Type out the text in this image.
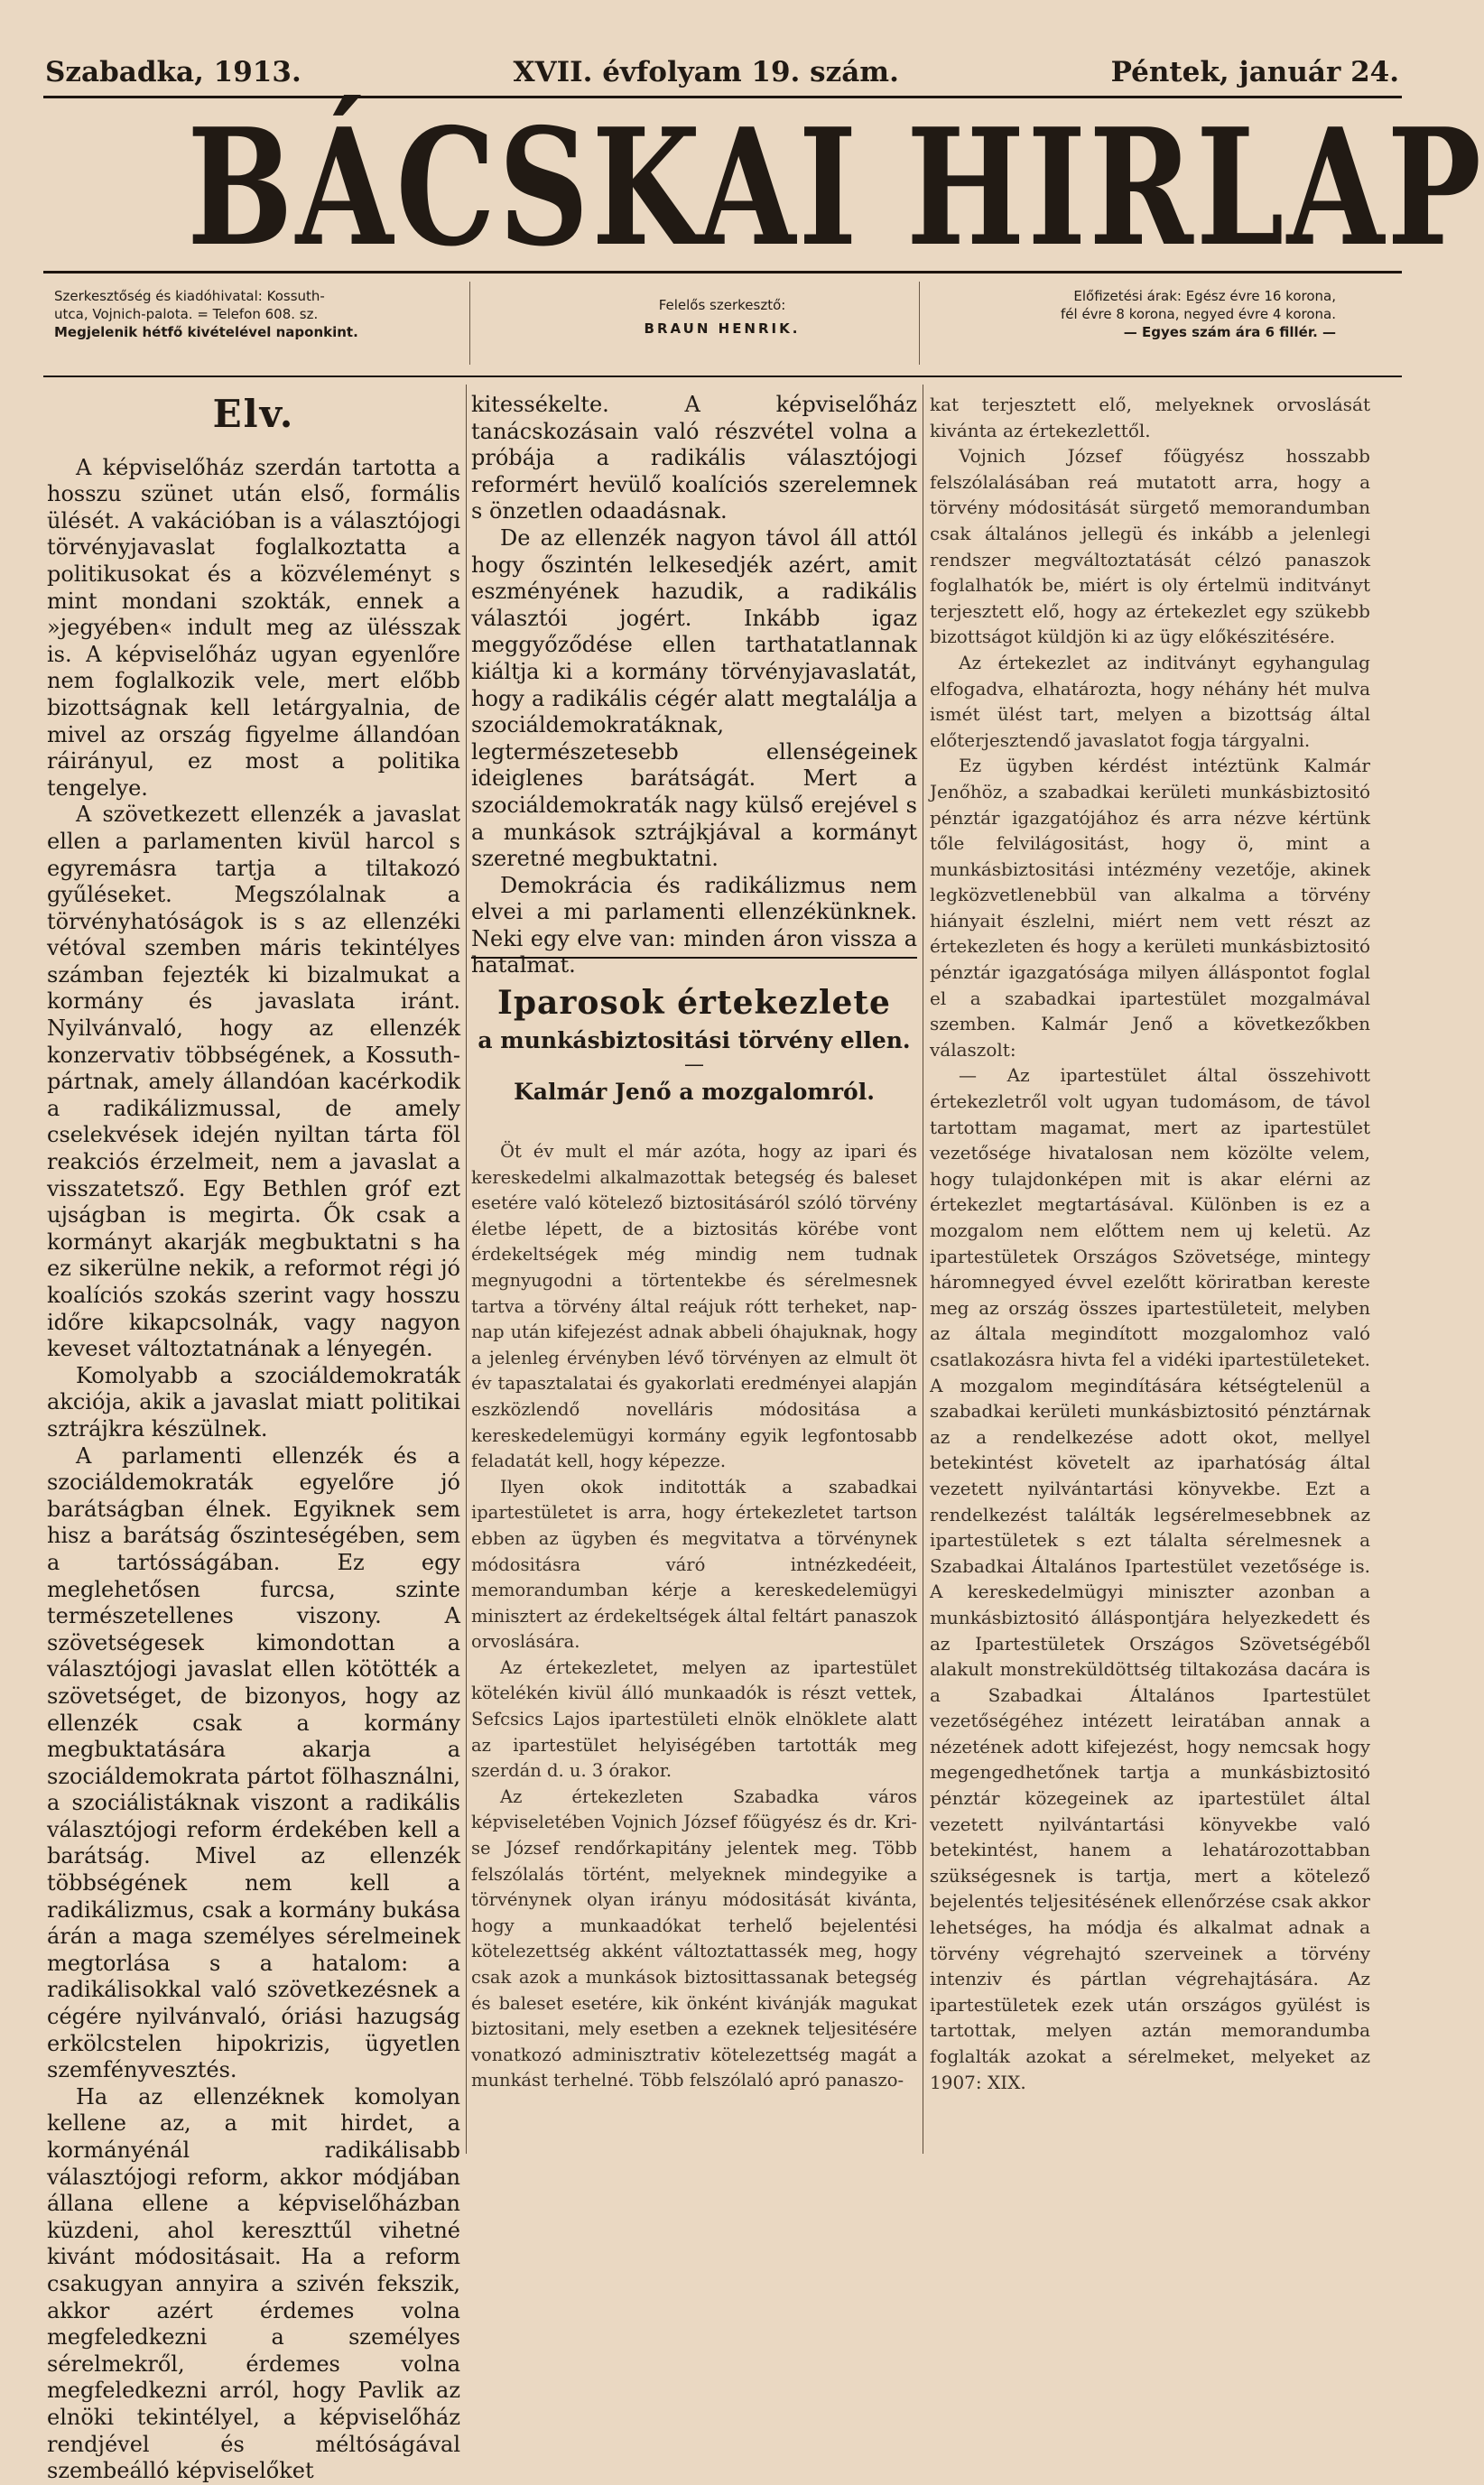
Szabadka, 1913.	XVII. évfolyam 19. szám.	Péntek, január 24.
BÁCSKAI HIRLAP
Szerkesztőség és kiadóhivatal: Kossuth-
utca, Vojnich-palota. = Telefon 608. sz.
Megjelenik hétfő kivételével naponkint.
Felelős szerkesztő:
BRAUN HENRIK.
Előfizetési árak: Egész évre 16 korona,
fél évre 8 korona, negyed évre 4 korona.
— Egyes szám ára 6 fillér. —
Elv.

A képviselőház szerdán tartotta a hosszu szünet után első, formális ülését. A vakációban is a választójogi törvényjavaslat foglalkoztatta a politikusokat és a közvéleményt s mint mondani szokták, ennek a »jegyében« indult meg az ülésszak is. A képviselőház ugyan egyenlőre nem foglalkozik vele, mert előbb bizottságnak kell letárgyalnia, de mivel az ország figyelme állandóan ráirányul, ez most a politika tengelye.

A szövetkezett ellenzék a javaslat ellen a parlamenten kivül harcol s egyremásra tartja a tiltakozó gyűléseket. Megszólalnak a törvényhatóságok is s az ellenzéki vétóval szemben máris tekintélyes számban fejezték ki bizalmukat a kormány és javaslata iránt. Nyilvánvaló, hogy az ellenzék konzervativ többségének, a Kossuth-pártnak, amely állandóan kacérkodik a radikálizmussal, de amely cselekvések idején nyiltan tárta föl reakciós érzelmeit, nem a javaslat a visszatetsző. Egy Bethlen gróf ezt ujságban is megirta. Ők csak a kormányt akarják megbuktatni s ha ez sikerülne nekik, a reformot régi jó koalíciós szokás szerint vagy hosszu időre kikapcsolnák, vagy nagyon keveset változtatnának a lényegén.

Komolyabb a szociáldemokraták akciója, akik a javaslat miatt politikai sztrájkra készülnek.

A parlamenti ellenzék és a szociáldemokraták egyelőre jó barátságban élnek. Egyiknek sem hisz a barátság őszinteségében, sem a tartósságában. Ez egy meglehetősen furcsa, szinte természetellenes viszony. A szövetségesek kimondottan a választójogi javaslat ellen kötötték a szövetséget, de bizonyos, hogy az ellenzék csak a kormány megbuktatására akarja a szociáldemokrata pártot fölhasználni, a szociálistáknak viszont a radikális választójogi reform érdekében kell a barátság. Mivel az ellenzék többségének nem kell a radikálizmus, csak a kormány bukása árán a maga személyes sérelmeinek megtorlása s a hatalom: a radikálisokkal való szövetkezésnek a cégére nyilvánvaló, óriási hazugság erkölcstelen hipokrizis, ügyetlen szemfényvesztés.

Ha az ellenzéknek komolyan kellene az, a mit hirdet, a kormányénál radikálisabb választójogi reform, akkor módjában állana ellene a képviselőházban küzdeni, ahol kereszttűl vihetné kivánt módositásait. Ha a reform csakugyan annyira a szivén fekszik, akkor azért érdemes volna megfeledkezni a személyes sérelmekről, érdemes volna megfeledkezni arról, hogy Pavlik az elnöki tekintélyel, a képviselőház rendjével és méltóságával szembeálló képviselőket

kitessékelte. A képviselőház tanácskozásain való részvétel volna a próbája a radikális választójogi reformért hevülő koalíciós szerelemnek s önzetlen odaadásnak.

De az ellenzék nagyon távol áll attól hogy őszintén lelkesedjék azért, amit eszményének hazudik, a radikális választói jogért. Inkább igaz meggyőződése ellen tarthatatlannak kiáltja ki a kormány törvényjavaslatát, hogy a radikális cégér alatt megtalálja a szociáldemokratáknak, legtermészetesebb ellenségeinek ideiglenes barátságát. Mert a szociáldemokraták nagy külső erejével s a munkások sztrájkjával a kormányt szeretné megbuktatni.

Demokrácia és radikálizmus nem elvei a mi parlamenti ellenzékünknek. Neki egy elve van: minden áron vissza a hatalmat.

Iparosok értekezlete
a munkásbiztositási törvény ellen.
—
Kalmár Jenő a mozgalomról.

Öt év mult el már azóta, hogy az ipari és kereskedelmi alkalmazottak betegség és baleset esetére való kötelező biztositásáról szóló törvény életbe lépett, de a biztositás körébe vont érdekeltségek még mindig nem tudnak megnyugodni a törtentekbe és sérelmesnek tartva a törvény által reájuk rótt terheket, nap-nap után kifejezést adnak abbeli óhajuknak, hogy a jelenleg érvényben lévő törvényen az elmult öt év tapasztalatai és gyakorlati eredményei alapján eszközlendő novelláris módositása a kereskedelemügyi kormány egyik legfontosabb feladatát kell, hogy képezze.

Ilyen okok inditották a szabadkai ipartestületet is arra, hogy értekezletet tartson ebben az ügyben és megvitatva a törvénynek módositásra váró intnézkedéeit, memorandumban kérje a kereskedelemügyi minisztert az érdekeltségek által feltárt panaszok orvoslására.

Az értekezletet, melyen az ipartestület kötelékén kivül álló munkaadók is részt vettek, Sefcsics Lajos ipartestületi elnök elnöklete alatt az ipartestület helyiségében tartották meg szerdán d. u. 3 órakor.

Az értekezleten Szabadka város képviseletében Vojnich József főügyész és dr. Kri-se József rendőrkapitány jelentek meg. Több felszólalás történt, melyeknek mindegyike a törvénynek olyan irányu módositását kivánta, hogy a munkaadókat terhelő bejelentési kötelezettség akként változtattassék meg, hogy csak azok a munkások biztosittassanak betegség és baleset esetére, kik önként kivánják magukat biztositani, mely esetben a ezeknek teljesitésére vonatkozó adminisztrativ kötelezettség magát a munkást terhelné. Több felszólaló apró panaszo-

kat terjesztett elő, melyeknek orvoslását kivánta az értekezlettől.

Vojnich József főügyész hosszabb felszólalásában reá mutatott arra, hogy a törvény módositását sürgető memorandumban csak általános jellegü és inkább a jelenlegi rendszer megváltoztatását célzó panaszok foglalhatók be, miért is oly értelmü inditványt terjesztett elő, hogy az értekezlet egy szükebb bizottságot küldjön ki az ügy előkészitésére.

Az értekezlet az inditványt egyhangulag elfogadva, elhatározta, hogy néhány hét mulva ismét ülést tart, melyen a bizottság által előterjesztendő javaslatot fogja tárgyalni.

Ez ügyben kérdést intéztünk Kalmár Jenőhöz, a szabadkai kerületi munkásbiztositó pénztár igazgatójához és arra nézve kértünk tőle felvilágositást, hogy ö, mint a munkásbiztositási intézmény vezetője, akinek legközvetlenebbül van alkalma a törvény hiányait észlelni, miért nem vett részt az értekezleten és hogy a kerületi munkásbiztositó pénztár igazgatósága milyen álláspontot foglal el a szabadkai ipartestület mozgalmával szemben. Kalmár Jenő a következőkben válaszolt:

— Az ipartestület által összehivott értekezletről volt ugyan tudomásom, de távol tartottam magamat, mert az ipartestület vezetősége hivatalosan nem közölte velem, hogy tulajdonképen mit is akar elérni az értekezlet megtartásával. Különben is ez a mozgalom nem előttem nem uj keletü. Az ipartestületek Országos Szövetsége, mintegy háromnegyed évvel ezelőtt köriratban kereste meg az ország összes ipartestületeit, melyben az általa megindított mozgalomhoz való csatlakozásra hivta fel a vidéki ipartestületeket. A mozgalom megindítására kétségtelenül a szabadkai kerületi munkásbiztositó pénztárnak az a rendelkezése adott okot, mellyel betekintést követelt az iparhatóság által vezetett nyilvántartási könyvekbe. Ezt a rendelkezést találták legsérelmesebbnek az ipartestületek s ezt tálalta sérelmesnek a Szabadkai Általános Ipartestület vezetősége is. A kereskedelmügyi miniszter azonban a munkásbiztositó álláspontjára helyezkedett és az Ipartestületek Országos Szövetségéből alakult monstreküldöttség tiltakozása dacára is a Szabadkai Általános Ipartestület vezetőségéhez intézett leiratában annak a nézetének adott kifejezést, hogy nemcsak hogy megengedhetőnek tartja a munkásbiztositó pénztár közegeinek az ipartestület által vezetett nyilvántartási könyvekbe való betekintést, hanem a lehatározottabban szükségesnek is tartja, mert a kötelező bejelentés teljesitésének ellenőrzése csak akkor lehetséges, ha módja és alkalmat adnak a törvény végrehajtó szerveinek a törvény intenziv és pártlan végrehajtására. Az ipartestületek ezek után országos gyülést is tartottak, melyen aztán memorandumba foglalták azokat a sérelmeket, melyeket az 1907: XIX.
